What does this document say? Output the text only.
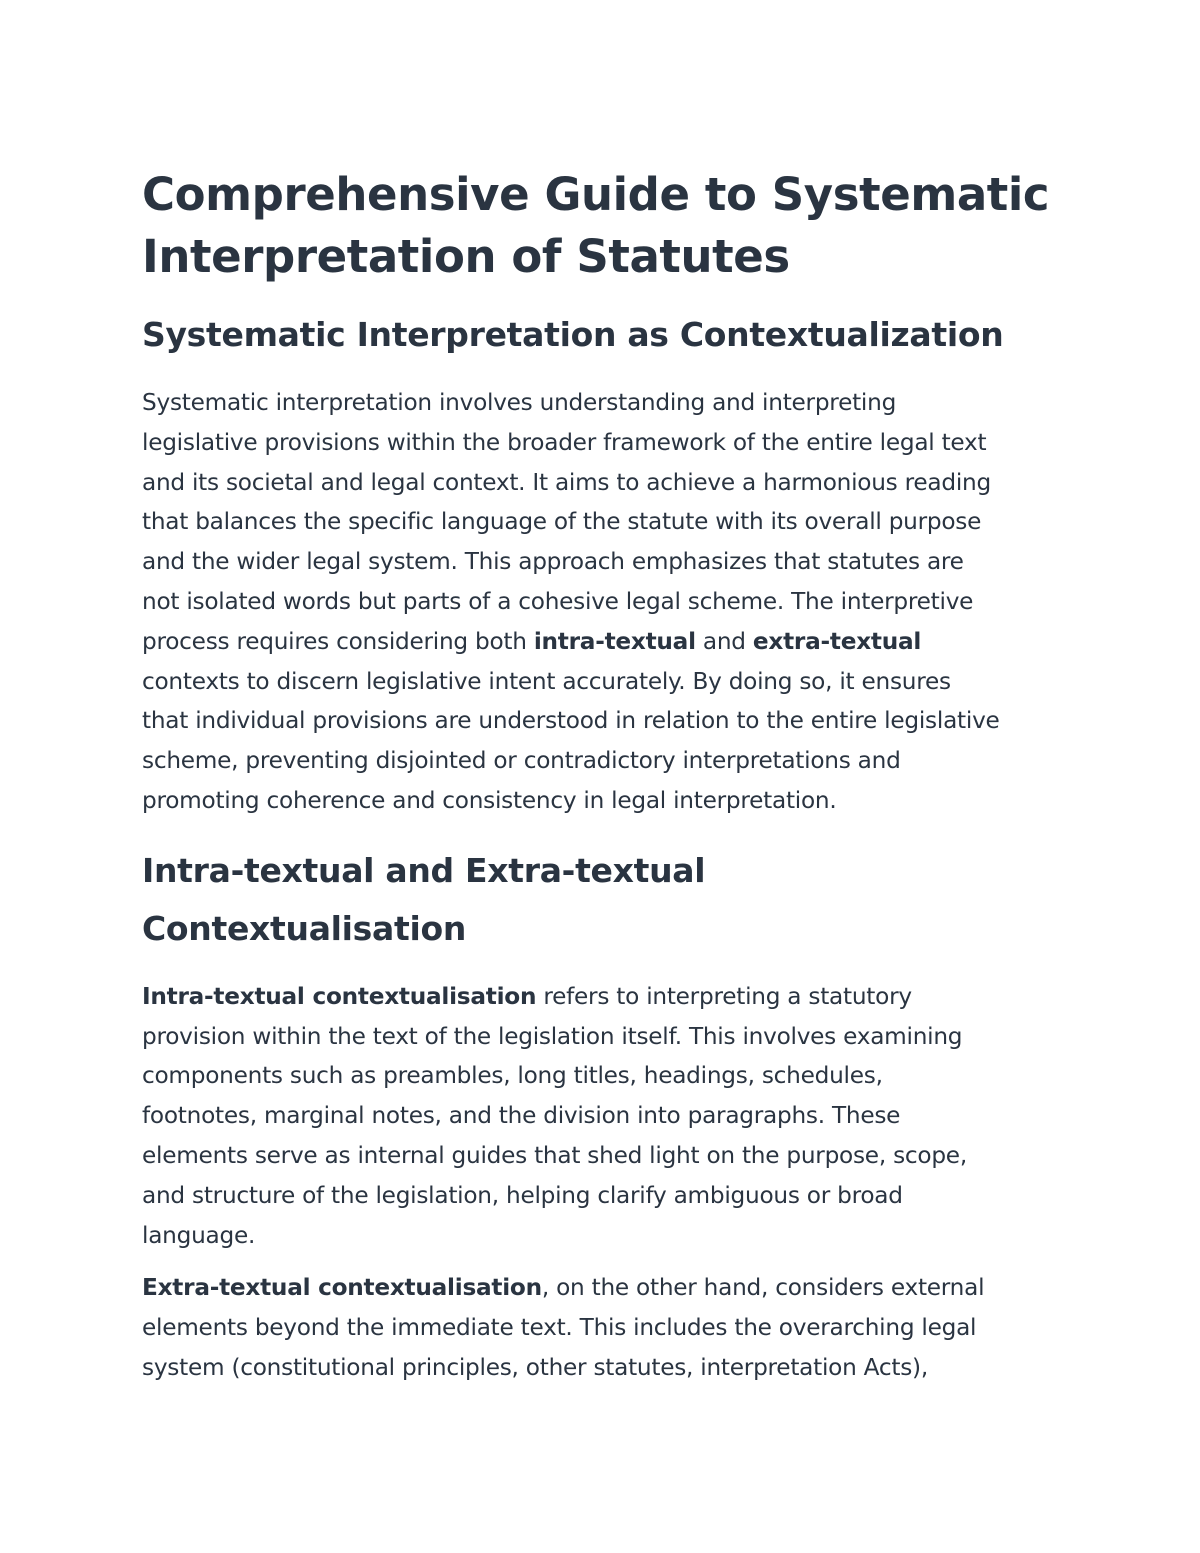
Comprehensive Guide to Systematic
Interpretation of Statutes
Systematic Interpretation as Contextualization

Systematic interpretation involves understanding and interpreting
legislative provisions within the broader framework of the entire legal text
and its societal and legal context. It aims to achieve a harmonious reading
that balances the specific language of the statute with its overall purpose
and the wider legal system. This approach emphasizes that statutes are
not isolated words but parts of a cohesive legal scheme. The interpretive
process requires considering both intra-textual and extra-textual
contexts to discern legislative intent accurately. By doing so, it ensures
that individual provisions are understood in relation to the entire legislative
scheme, preventing disjointed or contradictory interpretations and
promoting coherence and consistency in legal interpretation.

Intra-textual and Extra-textual
Contextualisation

Intra-textual contextualisation refers to interpreting a statutory
provision within the text of the legislation itself. This involves examining
components such as preambles, long titles, headings, schedules,
footnotes, marginal notes, and the division into paragraphs. These
elements serve as internal guides that shed light on the purpose, scope,
and structure of the legislation, helping clarify ambiguous or broad
language.

Extra-textual contextualisation, on the other hand, considers external
elements beyond the immediate text. This includes the overarching legal
system (constitutional principles, other statutes, interpretation Acts),
